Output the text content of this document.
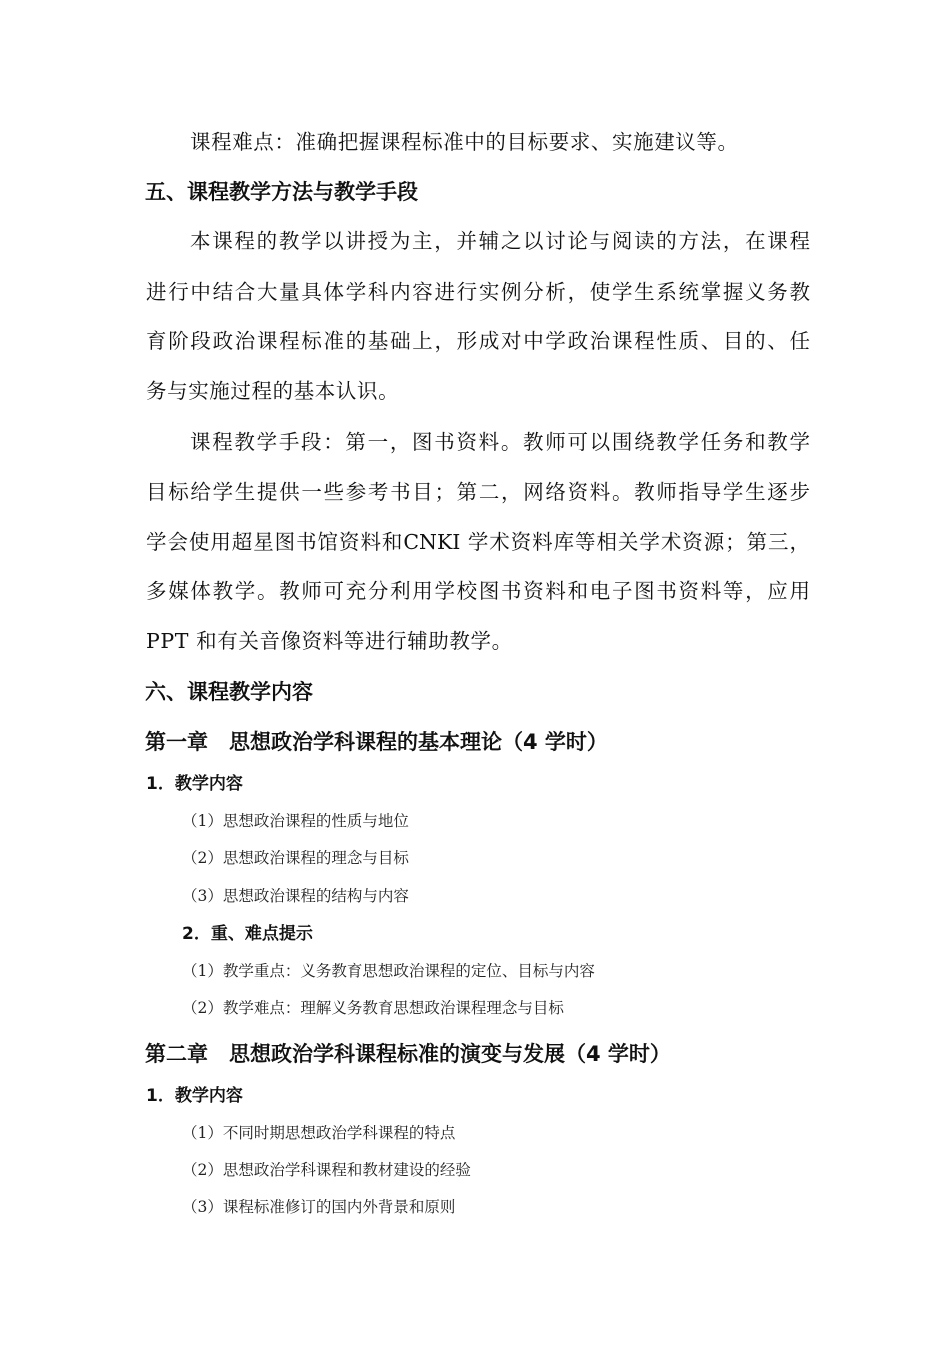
课程难点：准确把握课程标准中的目标要求、实施建议等。
五、课程教学方法与教学手段
本课程的教学以讲授为主，并辅之以讨论与阅读的方法，在课程
进行中结合大量具体学科内容进行实例分析，使学生系统掌握义务教
育阶段政治课程标准的基础上，形成对中学政治课程性质、目的、任
务与实施过程的基本认识。
课程教学手段：第一，图书资料。教师可以围绕教学任务和教学
目标给学生提供一些参考书目；第二，网络资料。教师指导学生逐步
学会使用超星图书馆资料和CNKI 学术资料库等相关学术资源；第三，
多媒体教学。教师可充分利用学校图书资料和电子图书资料等，应用
PPT 和有关音像资料等进行辅助教学。
六、课程教学内容
第一章　思想政治学科课程的基本理论（4 学时）
1．教学内容
（1）思想政治课程的性质与地位
（2）思想政治课程的理念与目标
（3）思想政治课程的结构与内容
2．重、难点提示
（1）教学重点：义务教育思想政治课程的定位、目标与内容
（2）教学难点：理解义务教育思想政治课程理念与目标
第二章　思想政治学科课程标准的演变与发展（4 学时）
1．教学内容
（1）不同时期思想政治学科课程的特点
（2）思想政治学科课程和教材建设的经验
（3）课程标准修订的国内外背景和原则
